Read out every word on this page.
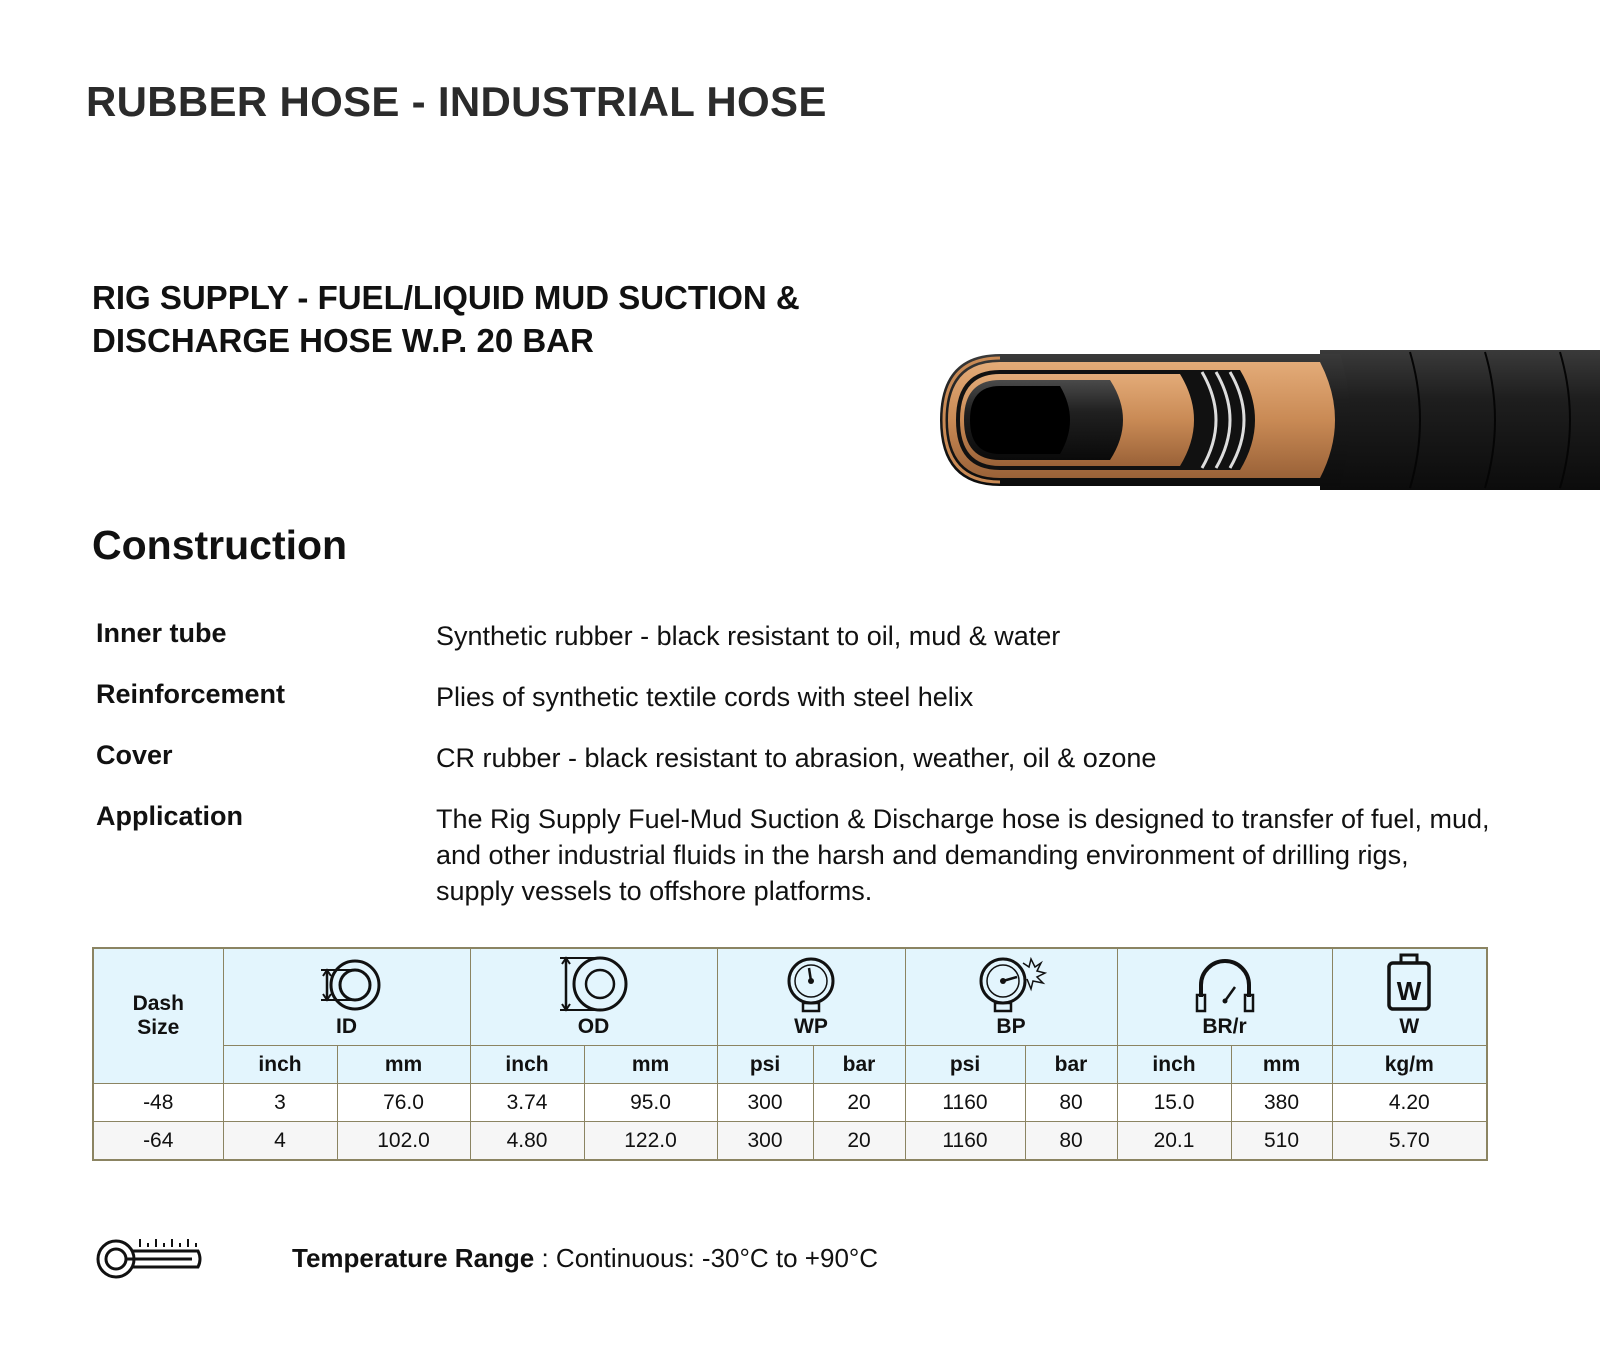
RUBBER HOSE - INDUSTRIAL HOSE
RIG SUPPLY - FUEL/LIQUID MUD SUCTION &
DISCHARGE HOSE W.P. 20 BAR
Construction
Inner tube	Synthetic rubber - black resistant to oil, mud & water
Reinforcement	Plies of synthetic textile cords with steel helix
Cover	CR rubber - black resistant to abrasion, weather, oil & ozone
Application	The Rig Supply Fuel-Mud Suction & Discharge hose is designed to transfer of fuel, mud,
and other industrial fluids in the harsh and demanding environment of drilling rigs,
supply vessels to offshore platforms.
Dash
Size	ID		OD		WP		BP		BR/r		W
W

	inch	mm	inch	mm	psi	bar	psi	bar	inch	mm	kg/m
-48	3	76.0	3.74	95.0	300	20	1160	80	15.0	380	4.20
-64	4	102.0	4.80	122.0	300	20	1160	80	20.1	510	5.70
Temperature Range : Continuous: -30°C to +90°C
